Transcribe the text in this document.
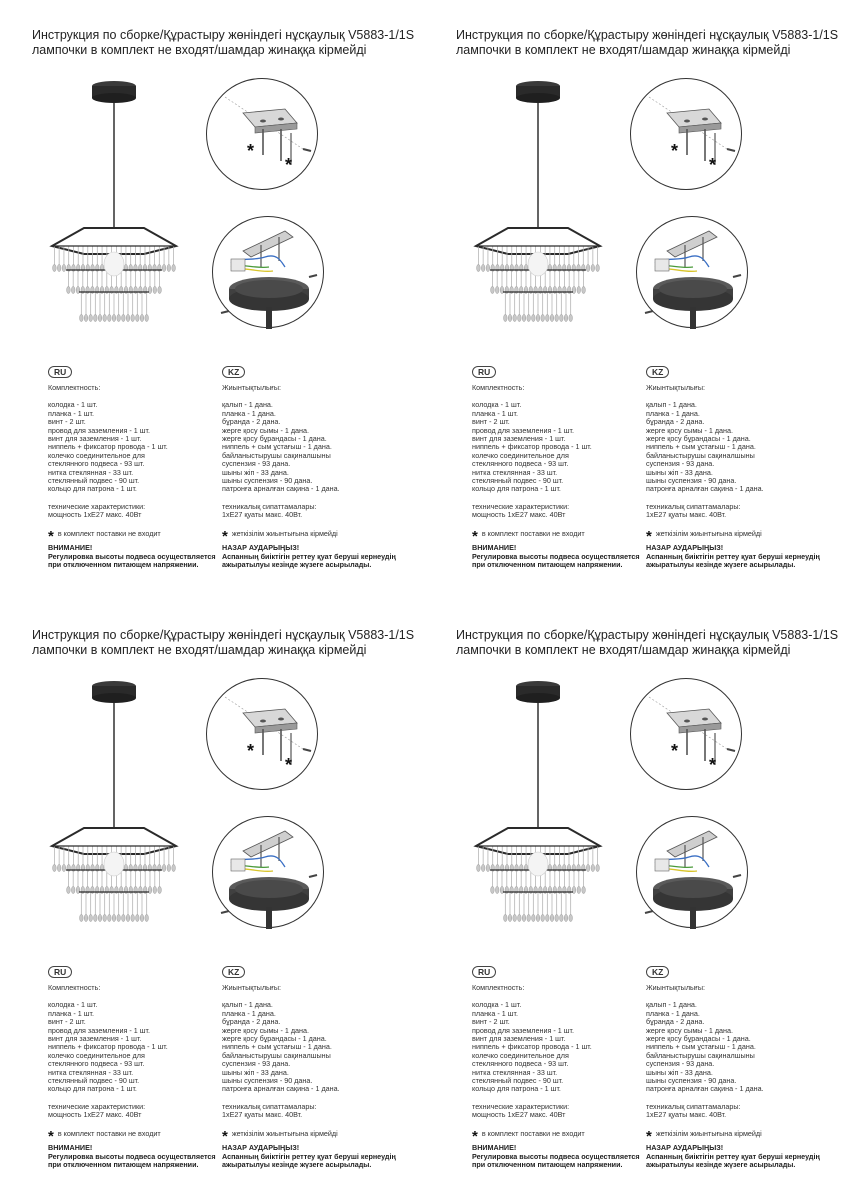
Инструкция по сборке/Құрастыру жөніндегі нұсқаулық V5883-1/1S
лампочки в комплект не входят/шамдар жинаққа кірмейді
*
*
RU
Комплектность:
колодка - 1 шт.
планка - 1 шт.
винт - 2 шт.
провод для заземления - 1 шт.
винт для заземления - 1 шт.
ниппель + фиксатор провода - 1 шт.
колечко соединительное для
стеклянного подвеса - 93 шт.
нитка стеклянная - 33 шт.
стеклянный подвес - 90 шт.
кольцо для патрона - 1 шт.
технические характеристики:
мощность 1хЕ27 макс. 40Вт
* в комплект поставки не входит
ВНИМАНИЕ!
Регулировка высоты подвеса осуществляется
при отключенном питающем напряжении.
KZ
Жиынтықтылығы:
қалып - 1 дана.
планка - 1 дана.
бұранда - 2 дана.
жерге қосу сымы - 1 дана.
жерге қосу бұрандасы - 1 дана.
ниппель + сым ұстағыш - 1 дана.
байланыстырушы сақиналшыны
суспензия - 93 дана.
шыны жіп - 33 дана.
шыны суспензия - 90 дана.
патронға арналған сақина - 1 дана.
техникалық сипаттамалары:
1хЕ27 қуаты макс. 40Вт.
* жеткізілім жиынтығына кірмейді
НАЗАР АУДАРЫҢЫЗ!
Аспанның биіктігін реттеу қуат беруші кернеудің
ажыратылуы кезінде жүзеге асырылады.
Инструкция по сборке/Құрастыру жөніндегі нұсқаулық V5883-1/1S
лампочки в комплект не входят/шамдар жинаққа кірмейді
*
*
RU
Комплектность:
колодка - 1 шт.
планка - 1 шт.
винт - 2 шт.
провод для заземления - 1 шт.
винт для заземления - 1 шт.
ниппель + фиксатор провода - 1 шт.
колечко соединительное для
стеклянного подвеса - 93 шт.
нитка стеклянная - 33 шт.
стеклянный подвес - 90 шт.
кольцо для патрона - 1 шт.
технические характеристики:
мощность 1хЕ27 макс. 40Вт
* в комплект поставки не входит
ВНИМАНИЕ!
Регулировка высоты подвеса осуществляется
при отключенном питающем напряжении.
KZ
Жиынтықтылығы:
қалып - 1 дана.
планка - 1 дана.
бұранда - 2 дана.
жерге қосу сымы - 1 дана.
жерге қосу бұрандасы - 1 дана.
ниппель + сым ұстағыш - 1 дана.
байланыстырушы сақиналшыны
суспензия - 93 дана.
шыны жіп - 33 дана.
шыны суспензия - 90 дана.
патронға арналған сақина - 1 дана.
техникалық сипаттамалары:
1хЕ27 қуаты макс. 40Вт.
* жеткізілім жиынтығына кірмейді
НАЗАР АУДАРЫҢЫЗ!
Аспанның биіктігін реттеу қуат беруші кернеудің
ажыратылуы кезінде жүзеге асырылады.
Инструкция по сборке/Құрастыру жөніндегі нұсқаулық V5883-1/1S
лампочки в комплект не входят/шамдар жинаққа кірмейді
*
*
RU
Комплектность:
колодка - 1 шт.
планка - 1 шт.
винт - 2 шт.
провод для заземления - 1 шт.
винт для заземления - 1 шт.
ниппель + фиксатор провода - 1 шт.
колечко соединительное для
стеклянного подвеса - 93 шт.
нитка стеклянная - 33 шт.
стеклянный подвес - 90 шт.
кольцо для патрона - 1 шт.
технические характеристики:
мощность 1хЕ27 макс. 40Вт
* в комплект поставки не входит
ВНИМАНИЕ!
Регулировка высоты подвеса осуществляется
при отключенном питающем напряжении.
KZ
Жиынтықтылығы:
қалып - 1 дана.
планка - 1 дана.
бұранда - 2 дана.
жерге қосу сымы - 1 дана.
жерге қосу бұрандасы - 1 дана.
ниппель + сым ұстағыш - 1 дана.
байланыстырушы сақиналшыны
суспензия - 93 дана.
шыны жіп - 33 дана.
шыны суспензия - 90 дана.
патронға арналған сақина - 1 дана.
техникалық сипаттамалары:
1хЕ27 қуаты макс. 40Вт.
* жеткізілім жиынтығына кірмейді
НАЗАР АУДАРЫҢЫЗ!
Аспанның биіктігін реттеу қуат беруші кернеудің
ажыратылуы кезінде жүзеге асырылады.
Инструкция по сборке/Құрастыру жөніндегі нұсқаулық V5883-1/1S
лампочки в комплект не входят/шамдар жинаққа кірмейді
*
*
RU
Комплектность:
колодка - 1 шт.
планка - 1 шт.
винт - 2 шт.
провод для заземления - 1 шт.
винт для заземления - 1 шт.
ниппель + фиксатор провода - 1 шт.
колечко соединительное для
стеклянного подвеса - 93 шт.
нитка стеклянная - 33 шт.
стеклянный подвес - 90 шт.
кольцо для патрона - 1 шт.
технические характеристики:
мощность 1хЕ27 макс. 40Вт
* в комплект поставки не входит
ВНИМАНИЕ!
Регулировка высоты подвеса осуществляется
при отключенном питающем напряжении.
KZ
Жиынтықтылығы:
қалып - 1 дана.
планка - 1 дана.
бұранда - 2 дана.
жерге қосу сымы - 1 дана.
жерге қосу бұрандасы - 1 дана.
ниппель + сым ұстағыш - 1 дана.
байланыстырушы сақиналшыны
суспензия - 93 дана.
шыны жіп - 33 дана.
шыны суспензия - 90 дана.
патронға арналған сақина - 1 дана.
техникалық сипаттамалары:
1хЕ27 қуаты макс. 40Вт.
* жеткізілім жиынтығына кірмейді
НАЗАР АУДАРЫҢЫЗ!
Аспанның биіктігін реттеу қуат беруші кернеудің
ажыратылуы кезінде жүзеге асырылады.
